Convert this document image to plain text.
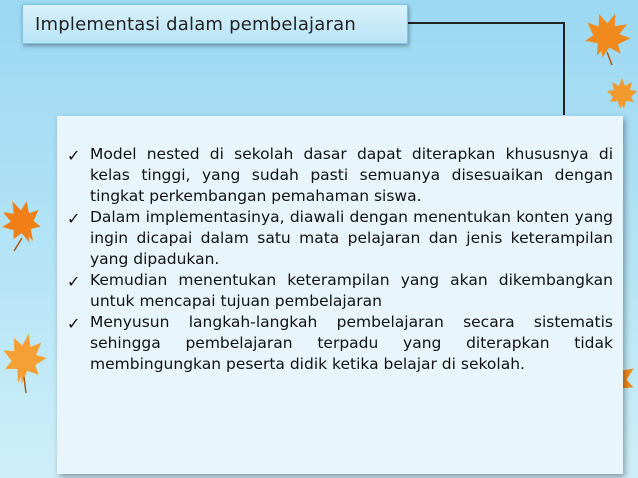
Implementasi dalam pembelajaran
✓ Model nested di sekolah dasar dapat diterapkan khususnya di kelas tinggi, yang sudah pasti semuanya disesuaikan dengan tingkat perkembangan pemahaman siswa.
✓ Dalam implementasinya, diawali dengan menentukan konten yang ingin dicapai dalam satu mata pelajaran dan jenis keterampilan yang dipadukan.
✓ Kemudian menentukan keterampilan yang akan dikembangkan untuk mencapai tujuan pembelajaran
✓ Menyusun langkah-langkah pembelajaran secara sistematis sehingga pembelajaran terpadu yang diterapkan tidak membingungkan peserta didik ketika belajar di sekolah.
